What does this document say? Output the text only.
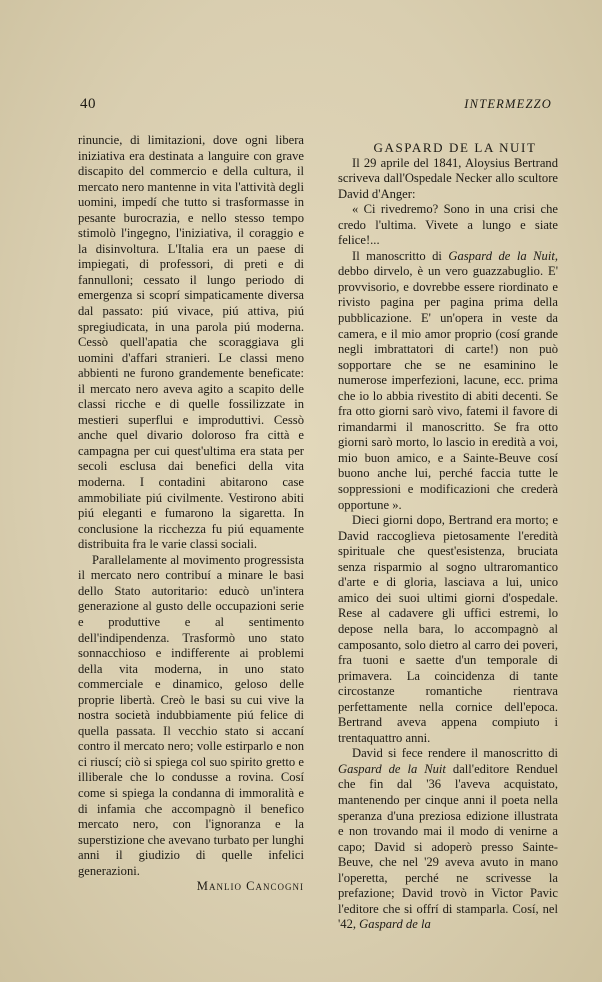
40	INTERMEZZO

rinuncie, di limitazioni, dove ogni libera iniziativa era destinata a languire con grave discapito del commercio e della cultura, il mercato nero mantenne in vita l'attività degli uomini, impedí che tutto si trasformasse in pesante burocrazia, e nello stesso tempo stimolò l'ingegno, l'iniziativa, il coraggio e la disinvoltura. L'Italia era un paese di impiegati, di professori, di preti e di fannulloni; cessato il lungo periodo di emergenza si scoprí simpaticamente diversa dal passato: piú vivace, piú attiva, piú spregiudicata, in una parola piú moderna. Cessò quell'apatia che scoraggiava gli uomini d'affari stranieri. Le classi meno abbienti ne furono grandemente beneficate: il mercato nero aveva agito a scapito delle classi ricche e di quelle fossilizzate in mestieri superflui e improduttivi. Cessò anche quel divario doloroso fra città e campagna per cui quest'ultima era stata per secoli esclusa dai benefici della vita moderna. I contadini abitarono case ammobiliate piú civilmente. Vestirono abiti piú eleganti e fumarono la sigaretta. In conclusione la ricchezza fu piú equamente distribuita fra le varie classi sociali.

Parallelamente al movimento progressista il mercato nero contribuí a minare le basi dello Stato autoritario: educò un'intera generazione al gusto delle occupazioni serie e produttive e al sentimento dell'indipendenza. Trasformò uno stato sonnacchioso e indifferente ai problemi della vita moderna, in uno stato commerciale e dinamico, geloso delle proprie libertà. Creò le basi su cui vive la nostra società indubbiamente piú felice di quella passata. Il vecchio stato si accaní contro il mercato nero; volle estirparlo e non ci riuscí; ciò si spiega col suo spirito gretto e illiberale che lo condusse a rovina. Cosí come si spiega la condanna di immoralità e di infamia che accompagnò il benefico mercato nero, con l'ignoranza e la superstizione che avevano turbato per lunghi anni il giudizio di quelle infelici generazioni.

Manlio Cancogni

GASPARD DE LA NUIT

Il 29 aprile del 1841, Aloysius Bertrand scriveva dall'Ospedale Necker allo scultore David d'Anger:

« Ci rivedremo? Sono in una crisi che credo l'ultima. Vivete a lungo e siate felice!...

Il manoscritto di Gaspard de la Nuit, debbo dirvelo, è un vero guazzabuglio. E' provvisorio, e dovrebbe essere riordinato e rivisto pagina per pagina prima della pubblicazione. E' un'opera in veste da camera, e il mio amor proprio (cosí grande negli imbrattatori di carte!) non può sopportare che se ne esaminino le numerose imperfezioni, lacune, ecc. prima che io lo abbia rivestito di abiti decenti. Se fra otto giorni sarò vivo, fatemi il favore di rimandarmi il manoscritto. Se fra otto giorni sarò morto, lo lascio in eredità a voi, mio buon amico, e a Sainte-Beuve cosí buono anche lui, perché faccia tutte le soppressioni e modificazioni che crederà opportune ».

Dieci giorni dopo, Bertrand era morto; e David raccoglieva pietosamente l'eredità spirituale che quest'esistenza, bruciata senza risparmio al sogno ultraromantico d'arte e di gloria, lasciava a lui, unico amico dei suoi ultimi giorni d'ospedale. Rese al cadavere gli uffici estremi, lo depose nella bara, lo accompagnò al camposanto, solo dietro al carro dei poveri, fra tuoni e saette d'un temporale di primavera. La coincidenza di tante circostanze romantiche rientrava perfettamente nella cornice dell'epoca. Bertrand aveva appena compiuto i trentaquattro anni.

David si fece rendere il manoscritto di Gaspard de la Nuit dall'editore Renduel che fin dal '36 l'aveva acquistato, mantenendo per cinque anni il poeta nella speranza d'una preziosa edizione illustrata e non trovando mai il modo di venirne a capo; David si adoperò presso Sainte-Beuve, che nel '29 aveva avuto in mano l'operetta, perché ne scrivesse la prefazione; David trovò in Victor Pavic l'editore che si offrí di stamparla. Cosí, nel '42, Gaspard de la
